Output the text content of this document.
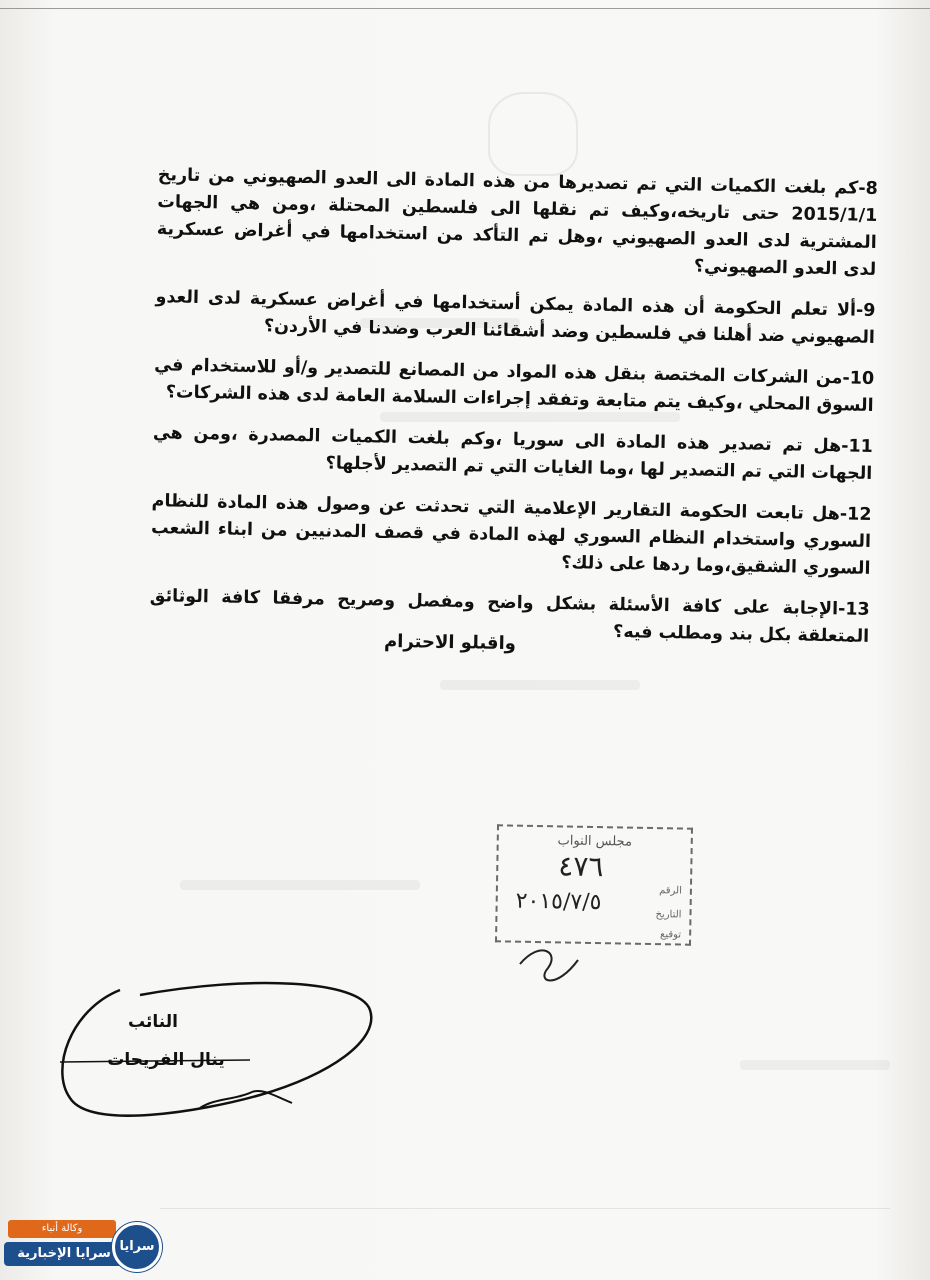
8-كم بلغت الكميات التي تم تصديرها من هذه المادة الى العدو الصهيوني من تاريخ 2015/1/1 حتى تاريخه،وكيف تم نقلها الى فلسطين المحتلة ،ومن هي الجهات المشترية لدى العدو الصهيوني ،وهل تم التأكد من استخدامها في أغراض عسكرية لدى العدو الصهيوني؟

9-ألا تعلم الحكومة أن هذه المادة يمكن أستخدامها في أغراض عسكرية لدى العدو الصهيوني ضد أهلنا في فلسطين وضد أشقائنا العرب وضدنا في الأردن؟

10-من الشركات المختصة بنقل هذه المواد من المصانع للتصدير و/أو للاستخدام في السوق المحلي ،وكيف يتم متابعة وتفقد إجراءات السلامة العامة لدى هذه الشركات؟

11-هل تم تصدير هذه المادة الى سوريا ،وكم بلغت الكميات المصدرة ،ومن هي الجهات التي تم التصدير لها ،وما الغايات التي تم التصدير لأجلها؟

12-هل تابعت الحكومة التقارير الإعلامية التي تحدثت عن وصول هذه المادة للنظام السوري واستخدام النظام السوري لهذه المادة في قصف المدنيين من ابناء الشعب السوري الشقيق،وما ردها على ذلك؟

13-الإجابة على كافة الأسئلة بشكل واضح ومفصل وصريح مرفقا كافة الوثائق المتعلقة بكل بند ومطلب فيه؟

واقبلو الاحترام
مجلس النواب
الرقم
٤٧٦
التاريخ
٢٠١٥/٧/٥
توقيع
النائب
ينال الفريحات
وكالة أنباء
سرايا الإخبارية سرايا
